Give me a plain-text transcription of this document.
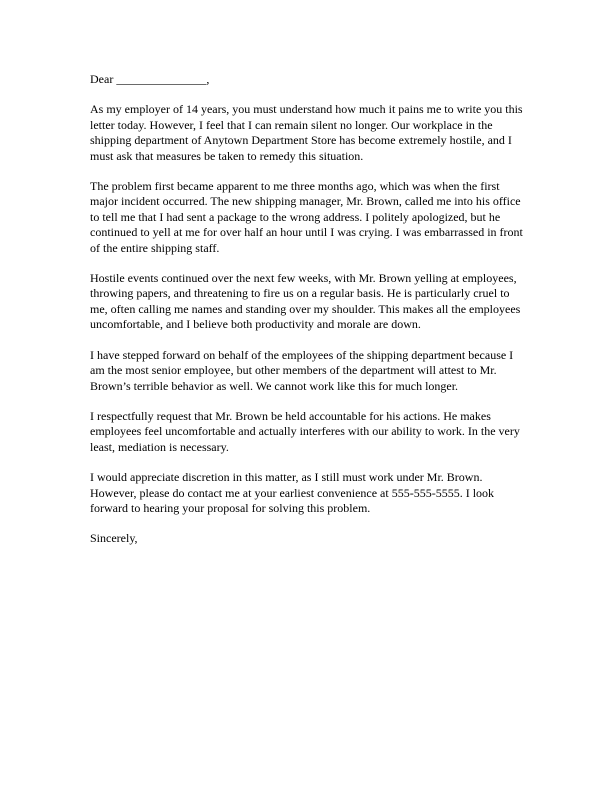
Dear _______________,

As my employer of 14 years, you must understand how much it pains me to write you this letter today. However, I feel that I can remain silent no longer. Our workplace in the shipping department of Anytown Department Store has become extremely hostile, and I must ask that measures be taken to remedy this situation.

The problem first became apparent to me three months ago, which was when the first major incident occurred. The new shipping manager, Mr. Brown, called me into his office to tell me that I had sent a package to the wrong address. I politely apologized, but he continued to yell at me for over half an hour until I was crying. I was embarrassed in front of the entire shipping staff.

Hostile events continued over the next few weeks, with Mr. Brown yelling at employees, throwing papers, and threatening to fire us on a regular basis. He is particularly cruel to me, often calling me names and standing over my shoulder. This makes all the employees uncomfortable, and I believe both productivity and morale are down.

I have stepped forward on behalf of the employees of the shipping department because I am the most senior employee, but other members of the department will attest to Mr. Brown’s terrible behavior as well. We cannot work like this for much longer.

I respectfully request that Mr. Brown be held accountable for his actions. He makes employees feel uncomfortable and actually interferes with our ability to work. In the very least, mediation is necessary.

I would appreciate discretion in this matter, as I still must work under Mr. Brown. However, please do contact me at your earliest convenience at 555-555-5555. I look forward to hearing your proposal for solving this problem.

Sincerely,
